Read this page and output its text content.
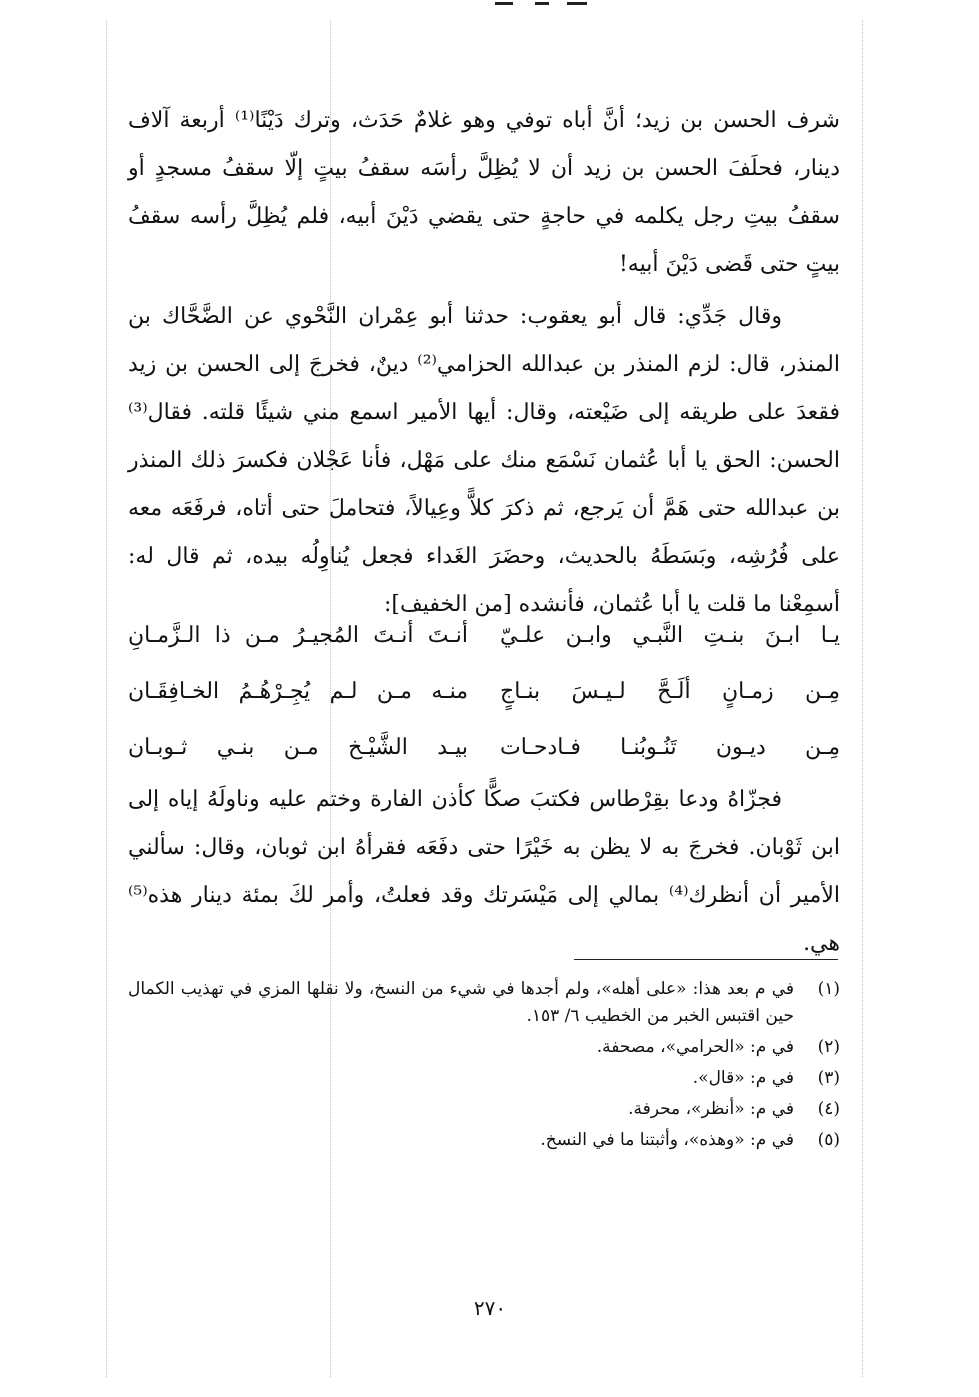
شرف الحسن بن زيد؛ أنَّ أباه توفي وهو غلامٌ حَدَث، وترك دَيْنًا⁽¹⁾ أربعة آلاف دينار، فحلَفَ الحسن بن زيد أن لا يُظِلَّ رأسَه سقفُ بيتٍ إلّا سقفُ مسجدٍ أو سقفُ بيتِ رجل يكلمه في حاجةٍ حتى يقضي دَيْنَ أبيه، فلم يُظِلَّ رأسه سقفُ بيتٍ حتى قَضى دَيْنَ أبيه!

وقال جَدِّي: قال أبو يعقوب: حدثنا أبو عِمْران النَّحْوي عن الضَّحَّاك بن المنذر، قال: لزم المنذر بن عبدالله الحزامي⁽²⁾ دينٌ، فخرجَ إلى الحسن بن زيد فقعدَ على طريقه إلى ضَيْعته، وقال: أيها الأمير اسمع مني شيئًا قلته. فقال⁽³⁾ الحسن: الحق يا أبا عُثمان نَسْمَع منك على مَهْل، فأنا عَجْلان فكسرَ ذلك المنذر بن عبدالله حتى هَمَّ أن يَرجع، ثم ذكرَ كلاًّ وعِيالاً، فتحاملَ حتى أتاه، فرفَعَه معه على فُرُشِه، وبَسَطَهُ بالحديث، وحضَرَ الغَداء فجعل يُناوِلُه بيده، ثم قال له: أسمِعْنا ما قلت يا أبا عُثمان، فأنشده [من الخفيف]:

يـا ابـنَ بنـتِ النَّبـي وابـن علـيّ
أنـتَ أنـتَ المُجيـرُ مـن ذا الـزَّمـانِ
مِـن زمـانٍ ألَـحَّ لـيـسَ بنـاجٍ
منـه مـن لـم يُجِـرْهُـمُ الخـافِقَـان
مِـن ديـون تَنُـوبُنـا فـادحـات
بيـد الشَّيْـخ مـن بنـي ثـوبـان

فجزّاهُ ودعا بقِرْطاس فكتبَ صكًّا كأذن الفارة وختم عليه وناولَهُ إياه إلى ابن ثَوْبان. فخرجَ به لا يظن به خَيْرًا حتى دفَعَه فقرأهُ ابن ثوبان، وقال: سألني الأمير أن أنظرك⁽⁴⁾ بمالي إلى مَيْسَرتك وقد فعلتُ، وأمر لكَ بمئة دينار هذه⁽⁵⁾ هي.

(١)
في م بعد هذا: «على أهله»، ولم أجدها في شيء من النسخ، ولا نقلها المزي في تهذيب الكمال حين اقتبس الخبر من الخطيب ٦/ ١٥٣.
(٢)
في م: «الحرامي»، مصحفة.
(٣)
في م: «قال».
(٤)
في م: «أنظر»، محرفة.
(٥)
في م: «وهذه»، وأثبتنا ما في النسخ.
٢٧٠
